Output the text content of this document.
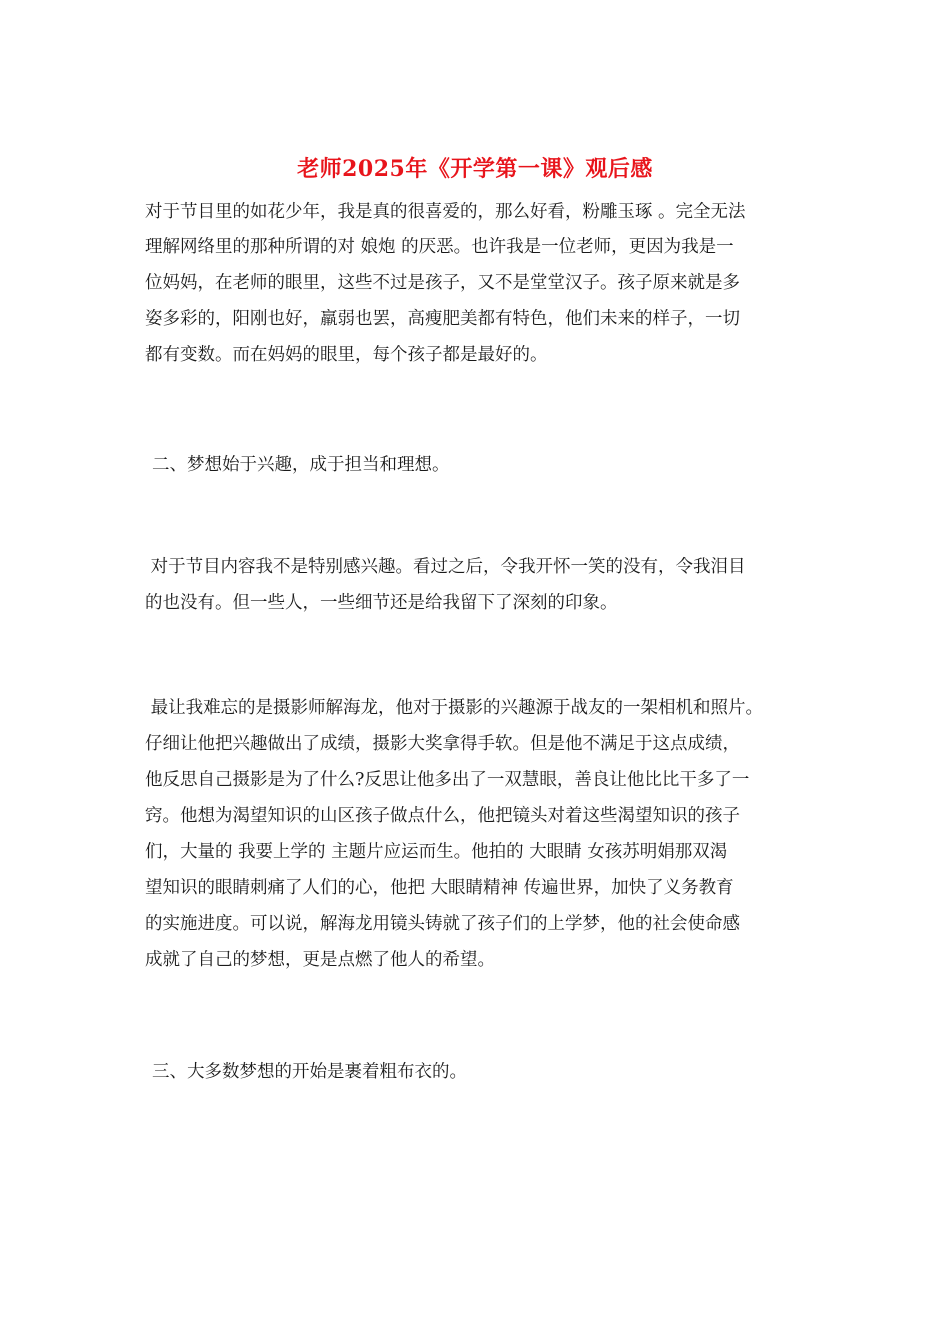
老师2025年《开学第一课》观后感

对于节目里的如花少年，我是真的很喜爱的，那么好看，粉雕玉琢 。完全无法

理解网络里的那种所谓的对 娘炮 的厌恶。也许我是一位老师，更因为我是一

位妈妈，在老师的眼里，这些不过是孩子，又不是堂堂汉子。孩子原来就是多

姿多彩的，阳刚也好，羸弱也罢，高瘦肥美都有特色，他们未来的样子，一切

都有变数。而在妈妈的眼里，每个孩子都是最好的。

二、梦想始于兴趣，成于担当和理想。

对于节目内容我不是特别感兴趣。看过之后，令我开怀一笑的没有，令我泪目

的也没有。但一些人，一些细节还是给我留下了深刻的印象。

最让我难忘的是摄影师解海龙，他对于摄影的兴趣源于战友的一架相机和照片。

仔细让他把兴趣做出了成绩，摄影大奖拿得手软。但是他不满足于这点成绩，

他反思自己摄影是为了什么?反思让他多出了一双慧眼，善良让他比比干多了一

窍。他想为渴望知识的山区孩子做点什么，他把镜头对着这些渴望知识的孩子

们，大量的 我要上学的 主题片应运而生。他拍的 大眼睛 女孩苏明娟那双渴

望知识的眼睛刺痛了人们的心，他把 大眼睛精神 传遍世界，加快了义务教育

的实施进度。可以说，解海龙用镜头铸就了孩子们的上学梦，他的社会使命感

成就了自己的梦想，更是点燃了他人的希望。

三、大多数梦想的开始是裹着粗布衣的。
